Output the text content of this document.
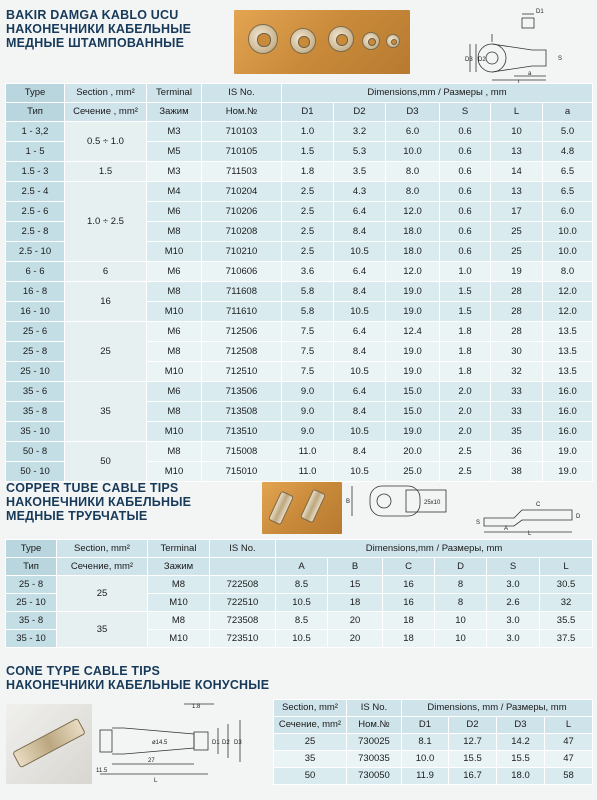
BAKIR DAMGA KABLO UCU
НАКОНЕЧНИКИ КАБЕЛЬНЫЕ
МЕДНЫЕ ШТАМПОВАННЫЕ
D3 D2
D1
a
L
S
Type	Section , mm²	Terminal	IS No.	Dimensions,mm / Размеры , mm					
Тип	Сечение , mm²	Зажим	Ном.№	D1	D2	D3	S	L	a
1 - 3,2	0.5 ÷ 1.0	M3	710103	1.0	3.2	6.0	0.6	10	5.0
1 - 5		M5	710105	1.5	5.3	10.0	0.6	13	4.8
1.5 - 3	1.5	M3	711503	1.8	3.5	8.0	0.6	14	6.5
2.5 - 4	1.0 ÷ 2.5	M4	710204	2.5	4.3	8.0	0.6	13	6.5
2.5 - 6		M6	710206	2.5	6.4	12.0	0.6	17	6.0
2.5 - 8		M8	710208	2.5	8.4	18.0	0.6	25	10.0
2.5 - 10		M10	710210	2.5	10.5	18.0	0.6	25	10.0
6 - 6	6	M6	710606	3.6	6.4	12.0	1.0	19	8.0
16 - 8	16	M8	711608	5.8	8.4	19.0	1.5	28	12.0
16 - 10		M10	711610	5.8	10.5	19.0	1.5	28	12.0
25 - 6	25	M6	712506	7.5	6.4	12.4	1.8	28	13.5
25 - 8		M8	712508	7.5	8.4	19.0	1.8	30	13.5
25 - 10		M10	712510	7.5	10.5	19.0	1.8	32	13.5
35 - 6	35	M6	713506	9.0	6.4	15.0	2.0	33	16.0
35 - 8		M8	713508	9.0	8.4	15.0	2.0	33	16.0
35 - 10		M10	713510	9.0	10.5	19.0	2.0	35	16.0
50 - 8	50	M8	715008	11.0	8.4	20.0	2.5	36	19.0
50 - 10		M10	715010	11.0	10.5	25.0	2.5	38	19.0
COPPER TUBE CABLE TIPS
НАКОНЕЧНИКИ КАБЕЛЬНЫЕ
МЕДНЫЕ ТРУБЧАТЫЕ
B	25x10
S
A
C
D
L
Type	Section, mm²	Terminal	IS No.	Dimensions,mm / Размеры, mm					
Тип	Сечение, mm²	Зажим		A	B	C	D	S	L
25 - 8	25	M8	722508	8.5	15	16	8	3.0	30.5
25 - 10		M10	722510	10.5	18	16	8	2.6	32
35 - 8	35	M8	723508	8.5	20	18	10	3.0	35.5
35 - 10		M10	723510	10.5	20	18	10	3.0	37.5
CONE TYPE CABLE TIPS
НАКОНЕЧНИКИ КАБЕЛЬНЫЕ КОНУСНЫЕ
1.8
11.5
27
ø14.5	D1 D2 D3
L
Section, mm²	IS No.	Dimensions, mm / Размеры, mm			
Сечение, mm²	Ном.№	D1	D2	D3	L
25	730025	8.1	12.7	14.2	47
35	730035	10.0	15.5	15.5	47
50	730050	11.9	16.7	18.0	58
